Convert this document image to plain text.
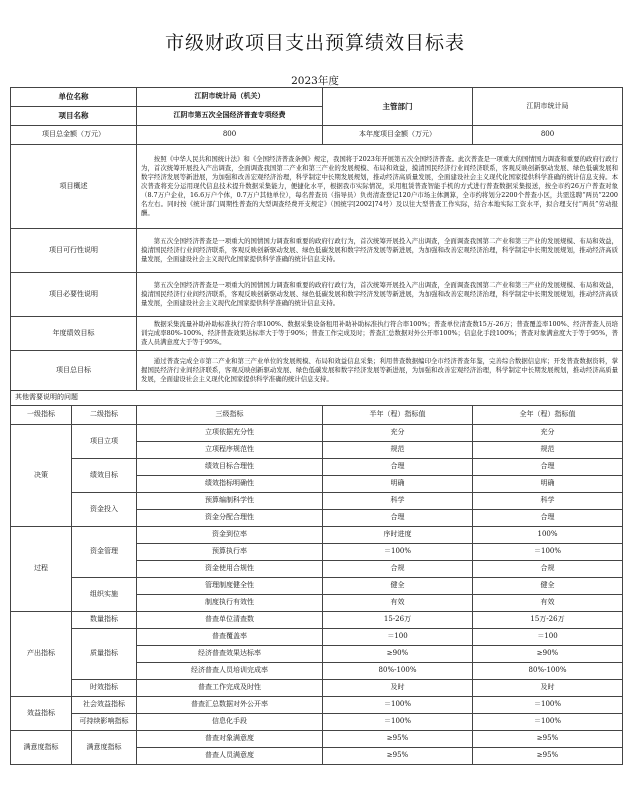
市级财政项目支出预算绩效目标表
2023年度
单位名称		江阴市统计局（机关）	主管部门	江阴市统计局
项目名称		江阴市第五次全国经济普查专项经费		
项目总金额（万元）		800	本年度项目金额（万元）	800
项目概述		按照《中华人民共和国统计法》和《全国经济普查条例》规定，我国将于2023年开展第五次全国经济普查。此次普查是一项重大的国情国力调查和重要的政府行政行为，首次统筹开展投入产出调查，全面调查我国第二产业和第三产业的发展规模、布局和效益，摸清国民经济行业间经济联系，客观反映创新驱动发展、绿色低碳发展和数字经济发展等新进展，为加强和改善宏观经济治理，科学制定中长期发展规划，推动经济高质量发展，全面建设社会主义现代化国家提供科学准确的统计信息支持。本次普查将充分运用现代信息技术提升数据采集能力，便捷化水平，根据我市实际情况，采用租赁普查智能手机的方式进行普查数据采集报送，按全市约26万户普查对象（8.7万户企业，16.6万户个体，0.7万户其他单位），每名普查员（指导员）负责清查登记120户市场主体测算，全市约将划分2200个普查小区，共需选聘“两员”2200名左右。同时按《统计部门周期性普查的大型调查经费开支规定》（国统字[2002]74号）及以往大型普查工作实际，结合本地实际工资水平，拟合理支付“两员”劳动报酬。		
项目可行性说明		第五次全国经济普查是一项重大的国情国力调查和重要的政府行政行为，首次统筹开展投入产出调查，全面调查我国第二产业和第三产业的发展规模、布局和效益，摸清国民经济行业间经济联系，客观反映创新驱动发展、绿色低碳发展和数字经济发展等新进展，为加强和改善宏观经济治理，科学制定中长期发展规划，推动经济高质量发展，全面建设社会主义现代化国家提供科学准确的统计信息支持。		
项目必要性说明		第五次全国经济普查是一项重大的国情国力调查和重要的政府行政行为，首次统筹开展投入产出调查，全面调查我国第二产业和第三产业的发展规模、布局和效益，摸清国民经济行业间经济联系，客观反映创新驱动发展、绿色低碳发展和数字经济发展等新进展，为加强和改善宏观经济治理，科学制定中长期发展规划，推动经济高质量发展，全面建设社会主义现代化国家提供科学准确的统计信息支持。		
年度绩效目标		数据采集流量补助补助标准执行符合率100%、数据采集设备租用补助补助标准执行符合率100%；普查单位清查数15万-26万；普查覆盖率100%、经济普查人员培训完成率80%-100%、经济普查效果达标率大于等于90%；普查工作完成及时；普查汇总数据对外公开率100%；信息化手段100%；普查对象满意度大于等于95%，普查人员满意度大于等于95%。		
项目总目标		通过普查完成全市第二产业和第三产业单位的发展规模、布局和效益信息采集；利用普查数据编印全市经济普查年鉴，完善综合数据信息库；开发普查数据资料，掌握国民经济行业间经济联系，客观反映创新驱动发展、绿色低碳发展和数字经济发展等新进展，为加强和改善宏观经济治理，科学制定中长期发展规划，推动经济高质量发展，全面建设社会主义现代化国家提供科学准确的统计信息支持。		
其他需要说明的问题				
一级指标	二级指标	三级指标	半年（程）指标值	全年（程）指标值
决策	项目立项	立项依据充分性	充分	充分
		立项程序规范性	规范	规范
	绩效目标	绩效目标合理性	合理	合理
		绩效指标明确性	明确	明确
	资金投入	预算编制科学性	科学	科学
		资金分配合理性	合理	合理
过程	资金管理	资金到位率	序时进度	100%
		预算执行率	＝100%	＝100%
		资金使用合规性	合规	合规
	组织实施	管理制度健全性	健全	健全
		制度执行有效性	有效	有效
产出指标	数量指标	普查单位清查数	15-26万	15万-26万
	质量指标	普查覆盖率	＝100	＝100
		经济普查效果达标率	≥90%	≥90%
		经济普查人员培训完成率	80%-100%	80%-100%
	时效指标	普查工作完成及时性	及时	及时
效益指标	社会效益指标	普查汇总数据对外公开率	＝100%	＝100%
	可持续影响指标	信息化手段	＝100%	＝100%
满意度指标	满意度指标	普查对象满意度	≥95%	≥95%
		普查人员满意度	≥95%	≥95%
